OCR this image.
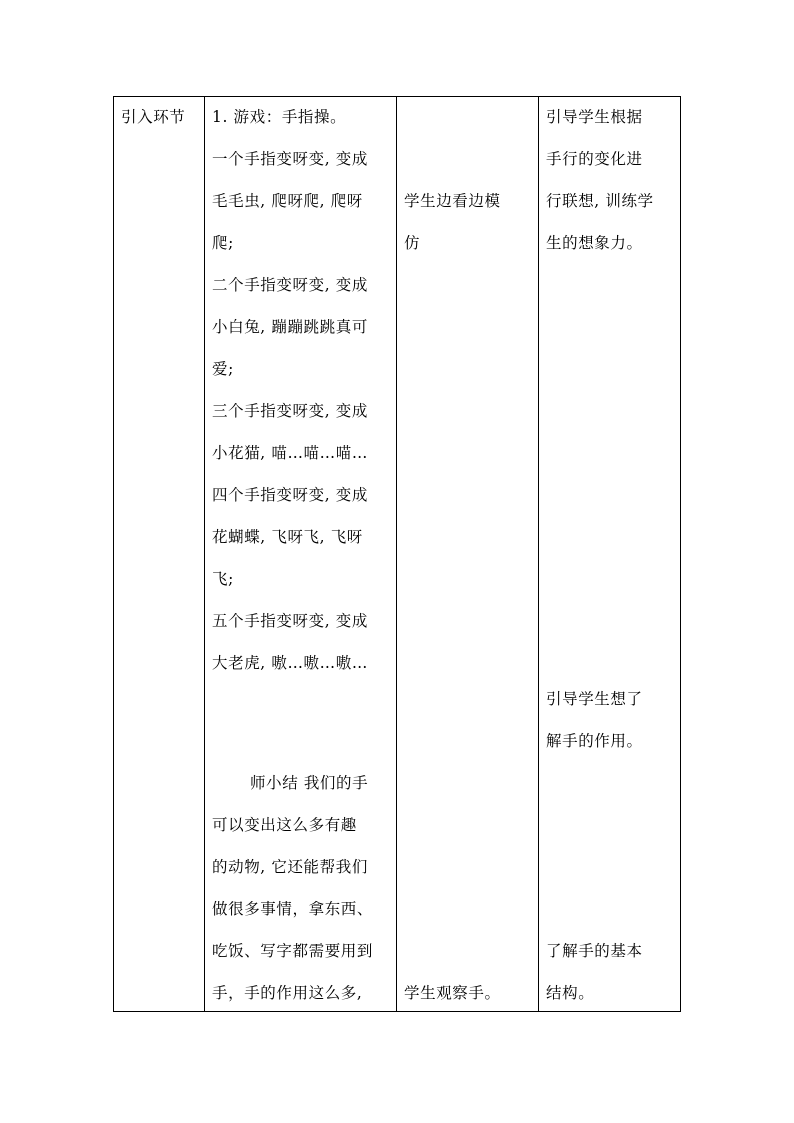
引入环节 1. 游戏：手指操。
一个手指变呀变, 变成
毛毛虫, 爬呀爬, 爬呀
爬;
二个手指变呀变, 变成
小白兔, 蹦蹦跳跳真可
爱;
三个手指变呀变, 变成
小花猫, 喵…喵…喵…
四个手指变呀变, 变成
花蝴蝶, 飞呀飞, 飞呀
飞;
五个手指变呀变, 变成
大老虎, 嗷…嗷…嗷…
师小结 我们的手
可以变出这么多有趣
的动物, 它还能帮我们
做很多事情，拿东西、
吃饭、写字都需要用到
手，手的作用这么多,
学生边看边模
仿
学生观察手。
引导学生根据
手行的变化进
行联想, 训练学
生的想象力。
引导学生想了
解手的作用。
了解手的基本
结构。
